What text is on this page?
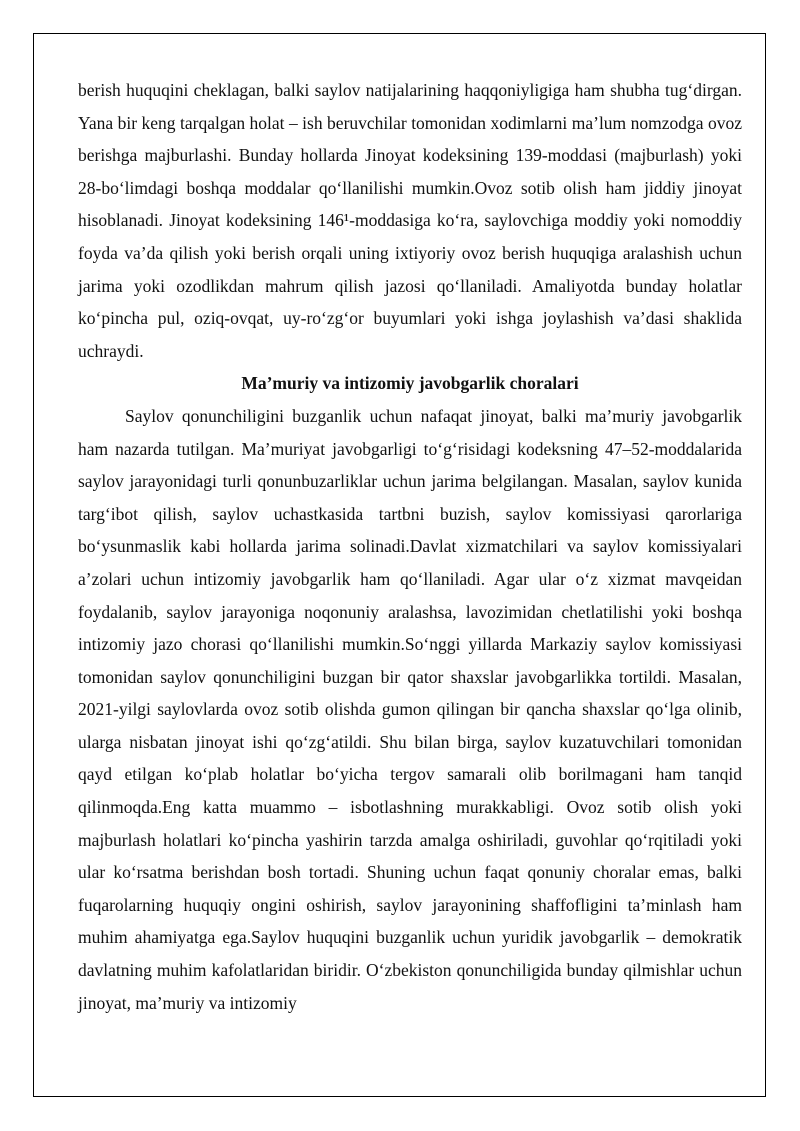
berish huquqini cheklagan, balki saylov natijalarining haqqoniyligiga ham shubha tug‘dirgan. Yana bir keng tarqalgan holat – ish beruvchilar tomonidan xodimlarni ma’lum nomzodga ovoz berishga majburlashi. Bunday hollarda Jinoyat kodeksining 139-moddasi (majburlash) yoki 28-bo‘limdagi boshqa moddalar qo‘llanilishi mumkin.Ovoz sotib olish ham jiddiy jinoyat hisoblanadi. Jinoyat kodeksining 146¹-moddasiga ko‘ra, saylovchiga moddiy yoki nomoddiy foyda va’da qilish yoki berish orqali uning ixtiyoriy ovoz berish huquqiga aralashish uchun jarima yoki ozodlikdan mahrum qilish jazosi qo‘llaniladi. Amaliyotda bunday holatlar ko‘pincha pul, oziq-ovqat, uy-ro‘zg‘or buyumlari yoki ishga joylashish va’dasi shaklida uchraydi.

Ma’muriy va intizomiy javobgarlik choralari

Saylov qonunchiligini buzganlik uchun nafaqat jinoyat, balki ma’muriy javobgarlik ham nazarda tutilgan. Ma’muriyat javobgarligi to‘g‘risidagi kodeksning 47–52-moddalarida saylov jarayonidagi turli qonunbuzarliklar uchun jarima belgilangan. Masalan, saylov kunida targ‘ibot qilish, saylov uchastkasida tartbni buzish, saylov komissiyasi qarorlariga bo‘ysunmaslik kabi hollarda jarima solinadi.Davlat xizmatchilari va saylov komissiyalari a’zolari uchun intizomiy javobgarlik ham qo‘llaniladi. Agar ular o‘z xizmat mavqeidan foydalanib, saylov jarayoniga noqonuniy aralashsa, lavozimidan chetlatilishi yoki boshqa intizomiy jazo chorasi qo‘llanilishi mumkin.So‘nggi yillarda Markaziy saylov komissiyasi tomonidan saylov qonunchiligini buzgan bir qator shaxslar javobgarlikka tortildi. Masalan, 2021-yilgi saylovlarda ovoz sotib olishda gumon qilingan bir qancha shaxslar qo‘lga olinib, ularga nisbatan jinoyat ishi qo‘zg‘atildi. Shu bilan birga, saylov kuzatuvchilari tomonidan qayd etilgan ko‘plab holatlar bo‘yicha tergov samarali olib borilmagani ham tanqid qilinmoqda.Eng katta muammo – isbotlashning murakkabligi. Ovoz sotib olish yoki majburlash holatlari ko‘pincha yashirin tarzda amalga oshiriladi, guvohlar qo‘rqitiladi yoki ular ko‘rsatma berishdan bosh tortadi. Shuning uchun faqat qonuniy choralar emas, balki fuqarolarning huquqiy ongini oshirish, saylov jarayonining shaffofligini ta’minlash ham muhim ahamiyatga ega.Saylov huquqini buzganlik uchun yuridik javobgarlik – demokratik davlatning muhim kafolatlaridan biridir. O‘zbekiston qonunchiligida bunday qilmishlar uchun jinoyat, ma’muriy va intizomiy
